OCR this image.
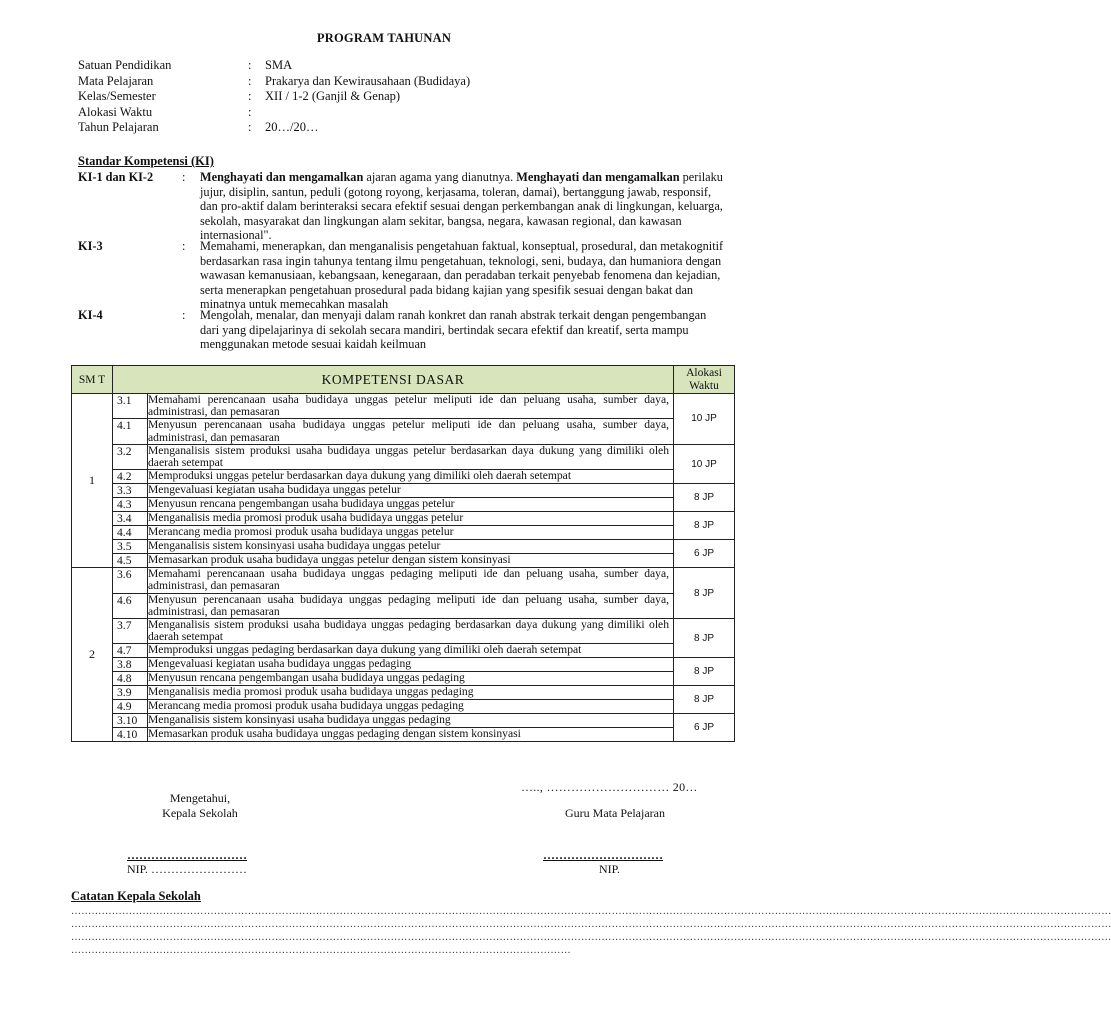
PROGRAM TAHUNAN
Satuan Pendidikan	:	SMA
Mata Pelajaran	:	Prakarya dan Kewirausahaan (Budidaya)
Kelas/Semester	:	XII / 1-2 (Ganjil & Genap)
Alokasi Waktu	:
Tahun Pelajaran	:	20…/20…
Standar Kompetensi (KI)
KI-1 dan KI-2	:	Menghayati dan mengamalkan ajaran agama yang dianutnya. Menghayati dan mengamalkan perilaku jujur, disiplin, santun, peduli (gotong royong, kerjasama, toleran, damai), bertanggung jawab, responsif, dan pro-aktif dalam berinteraksi secara efektif sesuai dengan perkembangan anak di lingkungan, keluarga, sekolah, masyarakat dan lingkungan alam sekitar, bangsa, negara, kawasan regional, dan kawasan internasional".
KI-3	:	Memahami, menerapkan, dan menganalisis pengetahuan faktual, konseptual, prosedural, dan metakognitif berdasarkan rasa ingin tahunya tentang ilmu pengetahuan, teknologi, seni, budaya, dan humaniora dengan wawasan kemanusiaan, kebangsaan, kenegaraan, dan peradaban terkait penyebab fenomena dan kejadian, serta menerapkan pengetahuan prosedural pada bidang kajian yang spesifik sesuai dengan bakat dan minatnya untuk memecahkan masalah
KI-4	:	Mengolah, menalar, dan menyaji dalam ranah konkret dan ranah abstrak terkait dengan pengembangan dari yang dipelajarinya di sekolah secara mandiri, bertindak secara efektif dan kreatif, serta mampu menggunakan metode sesuai kaidah keilmuan
SM T	KOMPETENSI DASAR		Alokasi Waktu
1	3.1	Memahami perencanaan usaha budidaya unggas petelur meliputi ide dan peluang usaha, sumber daya, administrasi, dan pemasaran	10 JP
	4.1	Menyusun perencanaan usaha budidaya unggas petelur meliputi ide dan peluang usaha, sumber daya, administrasi, dan pemasaran	
	3.2	Menganalisis sistem produksi usaha budidaya unggas petelur berdasarkan daya dukung yang dimiliki oleh daerah setempat	10 JP
	4.2	Memproduksi unggas petelur berdasarkan daya dukung yang dimiliki oleh daerah setempat	
	3.3	Mengevaluasi kegiatan usaha budidaya unggas petelur	8 JP
	4.3	Menyusun rencana pengembangan usaha budidaya unggas petelur	
	3.4	Menganalisis media promosi produk usaha budidaya unggas petelur	8 JP
	4.4	Merancang media promosi produk usaha budidaya unggas petelur	
	3.5	Menganalisis sistem konsinyasi usaha budidaya unggas petelur	6 JP
	4.5	Memasarkan produk usaha budidaya unggas petelur dengan sistem konsinyasi	
2	3.6	Memahami perencanaan usaha budidaya unggas pedaging meliputi ide dan peluang usaha, sumber daya, administrasi, dan pemasaran	8 JP
	4.6	Menyusun perencanaan usaha budidaya unggas pedaging meliputi ide dan peluang usaha, sumber daya, administrasi, dan pemasaran	
	3.7	Menganalisis sistem produksi usaha budidaya unggas pedaging berdasarkan daya dukung yang dimiliki oleh daerah setempat	8 JP
	4.7	Memproduksi unggas pedaging berdasarkan daya dukung yang dimiliki oleh daerah setempat	
	3.8	Mengevaluasi kegiatan usaha budidaya unggas pedaging	8 JP
	4.8	Menyusun rencana pengembangan usaha budidaya unggas pedaging	
	3.9	Menganalisis media promosi produk usaha budidaya unggas pedaging	8 JP
	4.9	Merancang media promosi produk usaha budidaya unggas pedaging	
	3.10	Menganalisis sistem konsinyasi usaha budidaya unggas pedaging	6 JP
	4.10	Memasarkan produk usaha budidaya unggas pedaging dengan sistem konsinyasi	
….., ………………………… 20…
Mengetahui,
Kepala Sekolah	Guru Mata Pelajaran
…………………………	…………………………
NIP. ……………………	NIP.
Catatan Kepala Sekolah
………………………………………………………………………………………………………………………………………………………………………………………………………………………………………………………………………………
………………………………………………………………………………………………………………………………………………………………………………………………………………………………………………………………………………
………………………………………………………………………………………………………………………………………………………………………………………………………………………………………………………………………………
…………………………………………………………………………………………………………………………………
